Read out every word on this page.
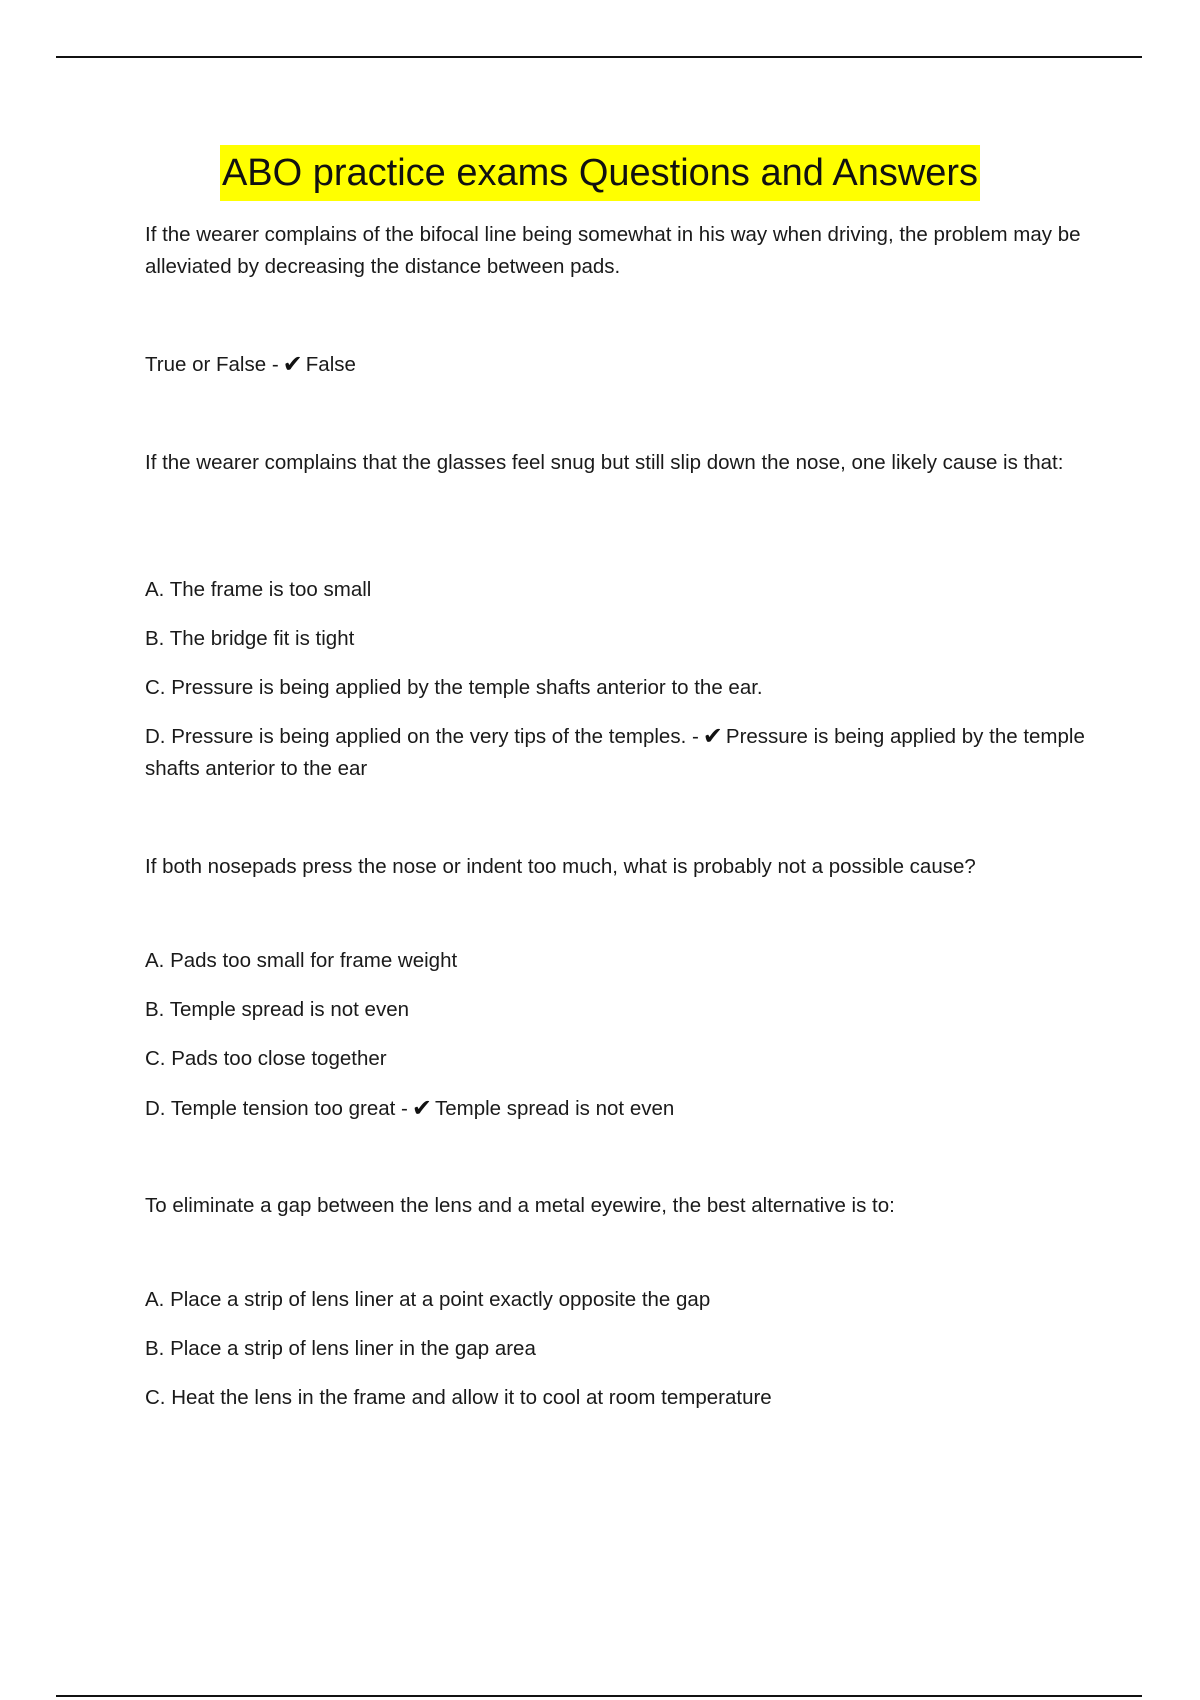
ABO practice exams Questions and Answers

If the wearer complains of the bifocal line being somewhat in his way when driving, the problem may be alleviated by decreasing the distance between pads.

True or False - ✔ False

If the wearer complains that the glasses feel snug but still slip down the nose, one likely cause is that:

A. The frame is too small

B. The bridge fit is tight

C. Pressure is being applied by the temple shafts anterior to the ear.

D. Pressure is being applied on the very tips of the temples. - ✔ Pressure is being applied by the temple shafts anterior to the ear

If both nosepads press the nose or indent too much, what is probably not a possible cause?

A. Pads too small for frame weight

B. Temple spread is not even

C. Pads too close together

D. Temple tension too great - ✔ Temple spread is not even

To eliminate a gap between the lens and a metal eyewire, the best alternative is to:

A. Place a strip of lens liner at a point exactly opposite the gap

B. Place a strip of lens liner in the gap area

C. Heat the lens in the frame and allow it to cool at room temperature
